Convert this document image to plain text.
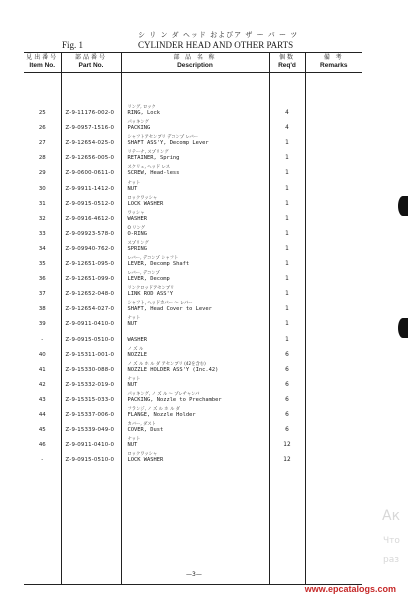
シ リ ン ダ ヘッド およびア ザ ー パ ー ツ
Fig. 1	CYLINDER HEAD AND OTHER PARTS
見出番号
Item No.	部品番号
Part No.	部 品 名 称
Description	個数
Req'd	備 考
Remarks

25	Z-9-11176-002-0	リング, ロック
RING, Lock	4	
26	Z-9-0957-1516-0	パッキング
PACKING	4	
27	Z-9-12654-025-0	シャフトアセンブリ デコンプ レバー
SHAFT ASS'Y, Decomp Lever	1	
28	Z-9-12656-005-0	リテーナ, スプリング
RETAINER, Spring	1	
29	Z-9-0600-0611-0	スクリュ, ヘッド レス
SCREW, Head-less	1	
30	Z-9-9911-1412-0	ナット
NUT	1	
31	Z-9-0915-0512-0	ロックワッシャ
LOCK WASHER	1	
32	Z-9-0916-4612-0	ワッシャ
WASHER	1	
33	Z-9-09923-578-0	O リング
O-RING	1	
34	Z-9-09940-762-0	スプリング
SPRING	1	
35	Z-9-12651-095-0	レバー, デコンプ シャフト
LEVER, Decomp Shaft	1	
36	Z-9-12651-099-0	レバー, デコンプ
LEVER, Decomp	1	
37	Z-9-12652-048-0	リンクロッドアセンブリ
LINK ROD ASS'Y	1	
38	Z-9-12654-027-0	シャフト, ヘッドカバー 〜 レバー
SHAFT, Head Cover to Lever	1	
39	Z-9-0911-0410-0	ナット
NUT	1	
-	Z-9-0915-0510-0	WASHER	1	
40	Z-9-15311-001-0	ノ ズ ル
NOZZLE	6	
41	Z-9-15330-088-0	ノ ズ ル ホ ル ダ アセンブリ (42を含む)
NOZZLE HOLDER ASS'Y (Inc.42)	6	
42	Z-9-15332-019-0	ナット
NUT	6	
43	Z-9-15315-033-0	パッキング, ノ ズ ル 〜 プレチャンバ
PACKING, Nozzle to Prechamber	6	
44	Z-9-15337-006-0	フランジ, ノ ズ ル ホ ル ダ
FLANGE, Nozzle Holder	6	
45	Z-9-15339-049-0	カバー, ダスト
COVER, Dust	6	
46	Z-9-0911-0410-0	ナット
NUT	12	
-	Z-9-0915-0510-0	ロックワッシャ
LOCK WASHER	12	

—3—
www.epcatalogs.com
Ак
Что
раз
